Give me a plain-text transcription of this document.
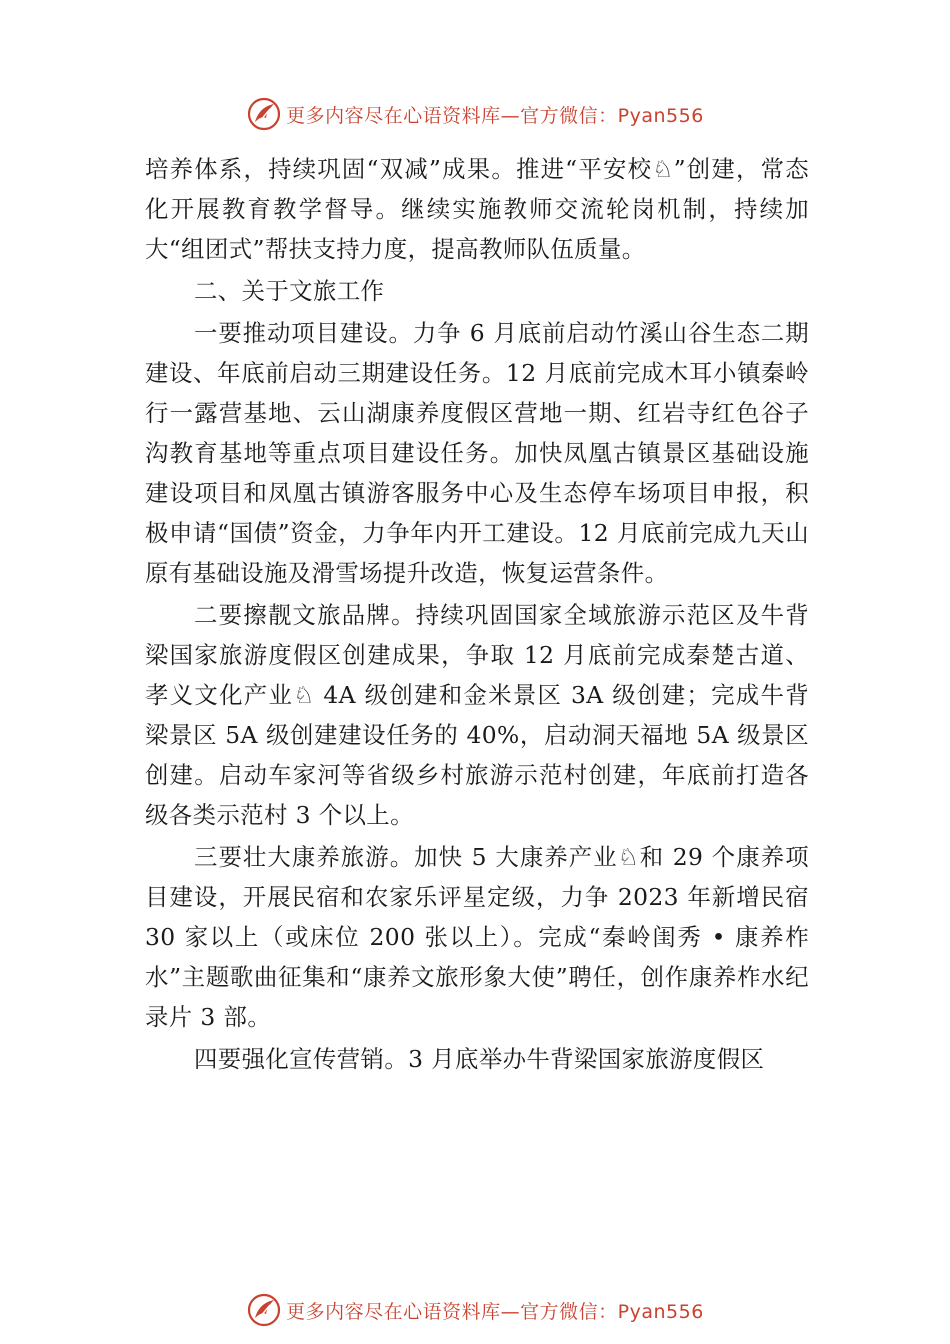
更多内容尽在心语资料库—官方微信：Pyan556

培养体系，持续巩固“双减”成果。推进“平安校♘”创建，常态化开展教育教学督导。继续实施教师交流轮岗机制，持续加大“组团式”帮扶支持力度，提高教师队伍质量。

二、关于文旅工作

一要推动项目建设。力争 6 月底前启动竹溪山谷生态二期建设、年底前启动三期建设任务。12 月底前完成木耳小镇秦岭行一露营基地、云山湖康养度假区营地一期、红岩寺红色谷子沟教育基地等重点项目建设任务。加快凤凰古镇景区基础设施建设项目和凤凰古镇游客服务中心及生态停车场项目申报，积极申请“国债”资金，力争年内开工建设。12 月底前完成九天山原有基础设施及滑雪场提升改造，恢复运营条件。

二要擦靓文旅品牌。持续巩固国家全域旅游示范区及牛背梁国家旅游度假区创建成果，争取 12 月底前完成秦楚古道、孝义文化产业♘ 4A 级创建和金米景区 3A 级创建；完成牛背梁景区 5A 级创建建设任务的 40%，启动洞天福地 5A 级景区创建。启动车家河等省级乡村旅游示范村创建，年底前打造各级各类示范村 3 个以上。

三要壮大康养旅游。加快 5 大康养产业♘和 29 个康养项目建设，开展民宿和农家乐评星定级，力争 2023 年新增民宿 30 家以上（或床位 200 张以上）。完成“秦岭闺秀 • 康养柞水”主题歌曲征集和“康养文旅形象大使”聘任，创作康养柞水纪录片 3 部。

四要强化宣传营销。3 月底举办牛背梁国家旅游度假区

更多内容尽在心语资料库—官方微信：Pyan556
